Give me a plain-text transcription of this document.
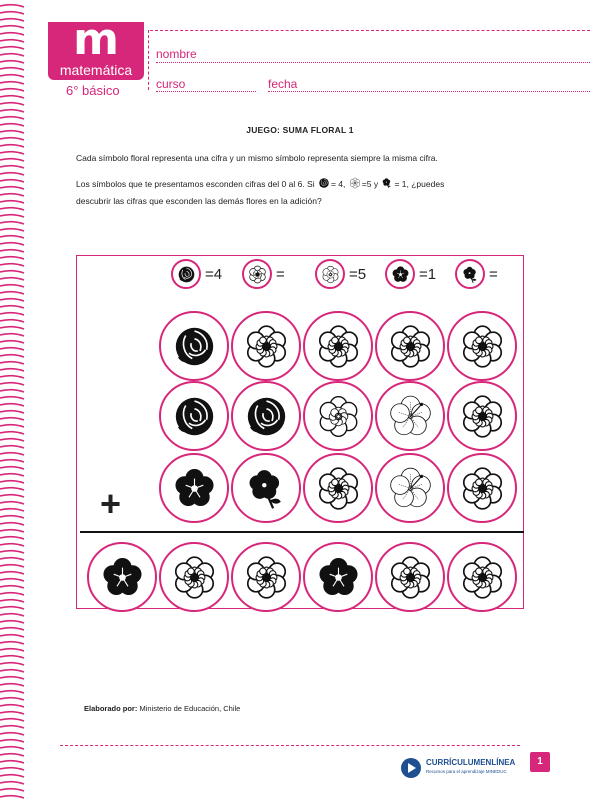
m
matemática
6° básico
nombre
curso	fecha
JUEGO: SUMA FLORAL 1
Cada símbolo floral representa una cifra y un mismo símbolo representa siempre la misma cifra.
Los símbolos que te presentamos esconden cifras del 0 al 6. Si = 4, =5 y = 1, ¿puedes
descubrir las cifras que esconden las demás flores en la adición?
=4	=	=5	=1	=
+
Elaborado por: Ministerio de Educación, Chile
CURRÍCULUMENLÍNEA
Recursos para el aprendizaje MINEDUC
1
